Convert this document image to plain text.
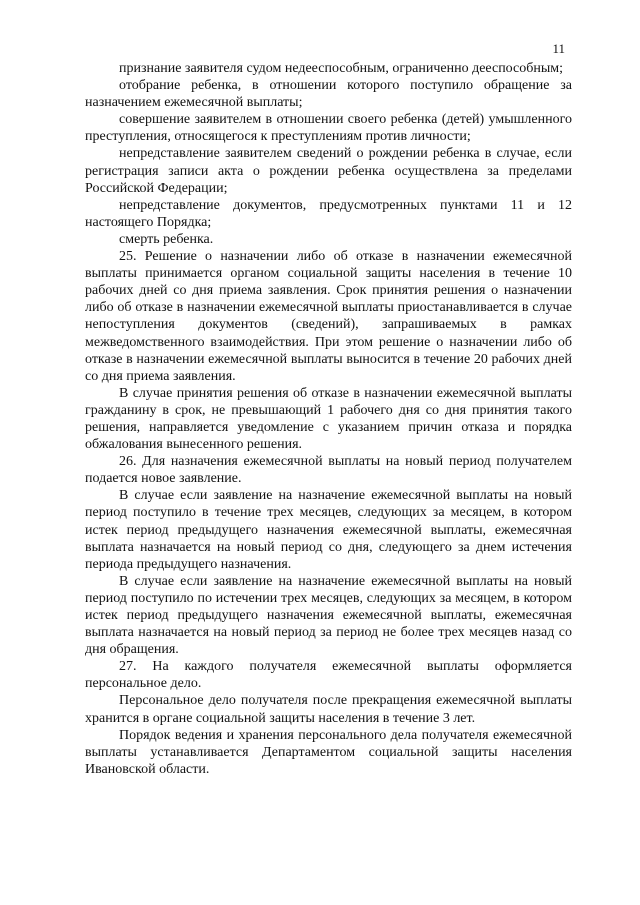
11

признание заявителя судом недееспособным, ограниченно дееспособным;

отобрание ребенка, в отношении которого поступило обращение за назначением ежемесячной выплаты;

совершение заявителем в отношении своего ребенка (детей) умышленного преступления, относящегося к преступлениям против личности;

непредставление заявителем сведений о рождении ребенка в случае, если регистрация записи акта о рождении ребенка осуществлена за пределами Российской Федерации;

непредставление документов, предусмотренных пунктами 11 и 12 настоящего Порядка;

смерть ребенка.

25. Решение о назначении либо об отказе в назначении ежемесячной выплаты принимается органом социальной защиты населения в течение 10 рабочих дней со дня приема заявления. Срок принятия решения о назначении либо об отказе в назначении ежемесячной выплаты приостанавливается в случае непоступления документов (сведений), запрашиваемых в рамках межведомственного взаимодействия. При этом решение о назначении либо об отказе в назначении ежемесячной выплаты выносится в течение 20 рабочих дней со дня приема заявления.

В случае принятия решения об отказе в назначении ежемесячной выплаты гражданину в срок, не превышающий 1 рабочего дня со дня принятия такого решения, направляется уведомление с указанием причин отказа и порядка обжалования вынесенного решения.

26. Для назначения ежемесячной выплаты на новый период получателем подается новое заявление.

В случае если заявление на назначение ежемесячной выплаты на новый период поступило в течение трех месяцев, следующих за месяцем, в котором истек период предыдущего назначения ежемесячной выплаты, ежемесячная выплата назначается на новый период со дня, следующего за днем истечения периода предыдущего назначения.

В случае если заявление на назначение ежемесячной выплаты на новый период поступило по истечении трех месяцев, следующих за месяцем, в котором истек период предыдущего назначения ежемесячной выплаты, ежемесячная выплата назначается на новый период за период не более трех месяцев назад со дня обращения.

27. На каждого получателя ежемесячной выплаты оформляется персональное дело.

Персональное дело получателя после прекращения ежемесячной выплаты хранится в органе социальной защиты населения в течение 3 лет.

Порядок ведения и хранения персонального дела получателя ежемесячной выплаты устанавливается Департаментом социальной защиты населения Ивановской области.
